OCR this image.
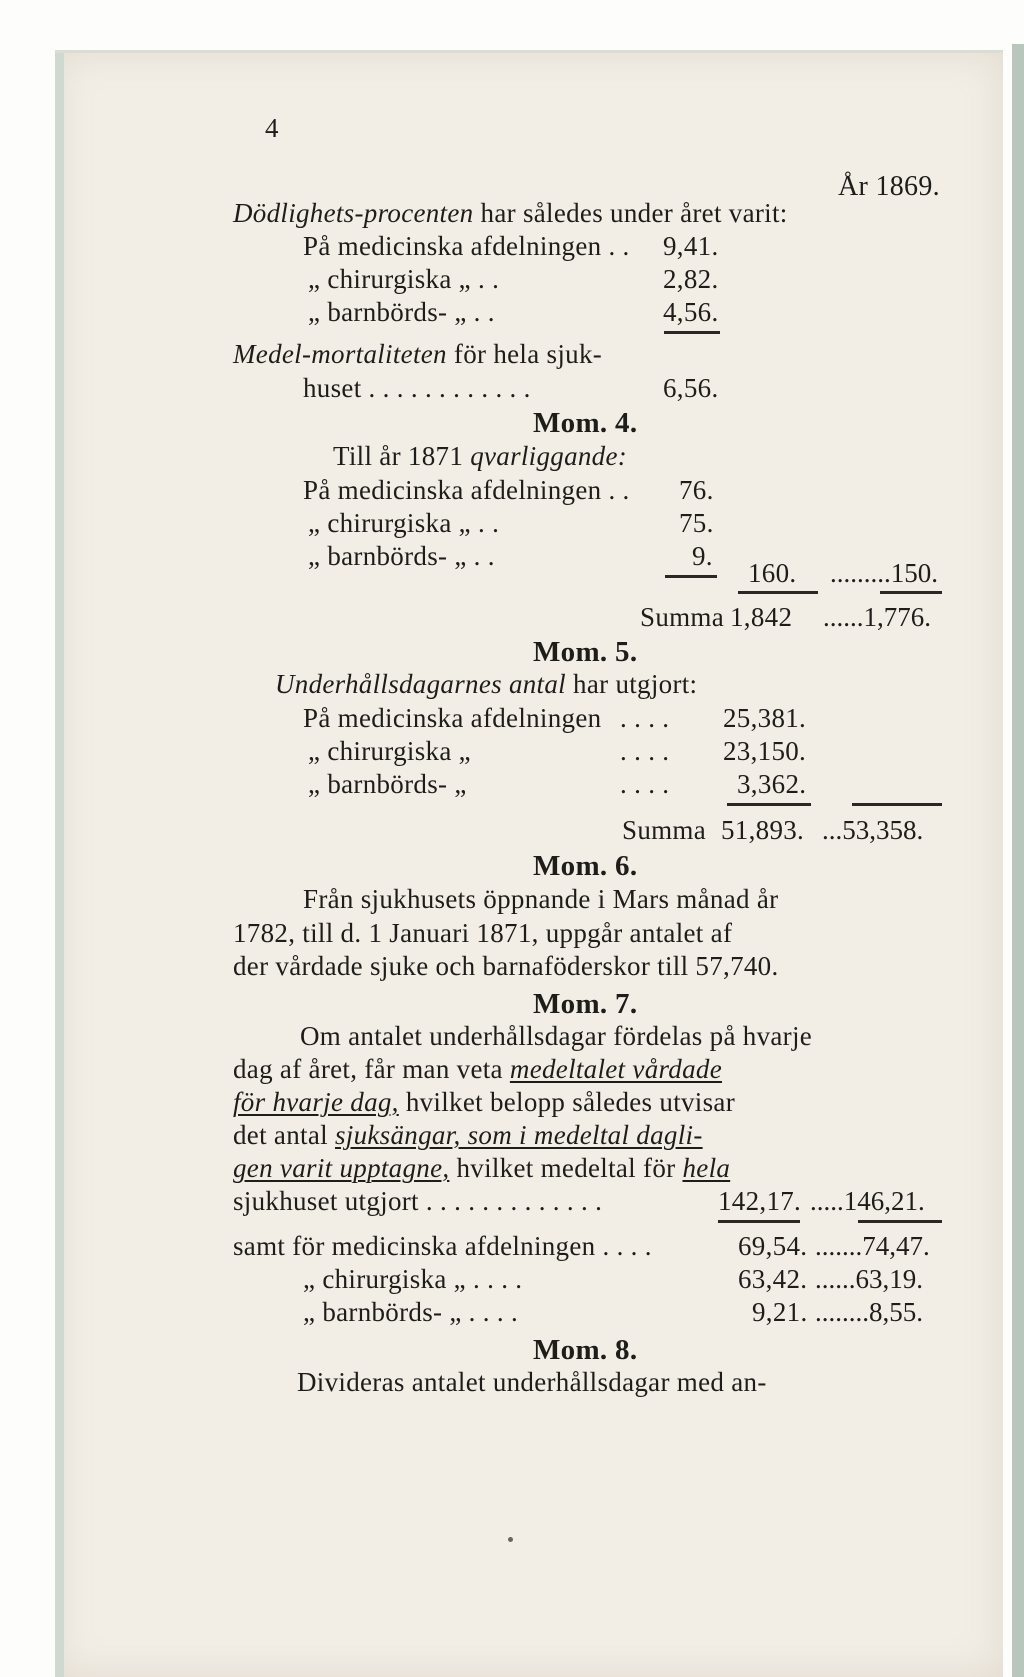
4
År 1869.
Dödlighets-procenten har således under året varit:
På medicinska afdelningen . . 9,41.
„ chirurgiska „ . .	2,82.
„ barnbörds- „ . .	4,56.
Medel-mortaliteten för hela sjuk-
huset . . . . . . . . . . . .	6,56.
Mom. 4.
Till år 1871 qvarliggande:
På medicinska afdelningen . . 76.
„ chirurgiska „ . .	75.
„ barnbörds- „ . .	9.
160. .........150.
Summa 1,842 ......1,776.
Mom. 5.
Underhållsdagarnes antal har utgjort:
På medicinska afdelningen . . . . 25,381.
„ chirurgiska „	. . . . 23,150.
„ barnbörds- „	. . . .	3,362.
Summa 51,893. ...53,358.
Mom. 6.
Från sjukhusets öppnande i Mars månad år
1782, till d. 1 Januari 1871, uppgår antalet af
der vårdade sjuke och barnaföderskor till 57,740.
Mom. 7.
Om antalet underhållsdagar fördelas på hvarje
dag af året, får man veta medeltalet vårdade
för hvarje dag, hvilket belopp således utvisar
det antal sjuksängar, som i medeltal dagli-
gen varit upptagne, hvilket medeltal för hela
sjukhuset utgjort . . . . . . . . . . . . .	142,17. .....146,21.
samt för medicinska afdelningen . . . .	69,54. .......74,47.
„ chirurgiska „ . . . .	63,42. ......63,19.
„ barnbörds- „ . . . .	9,21. ........8,55.
Mom. 8.
Divideras antalet underhållsdagar med an-
